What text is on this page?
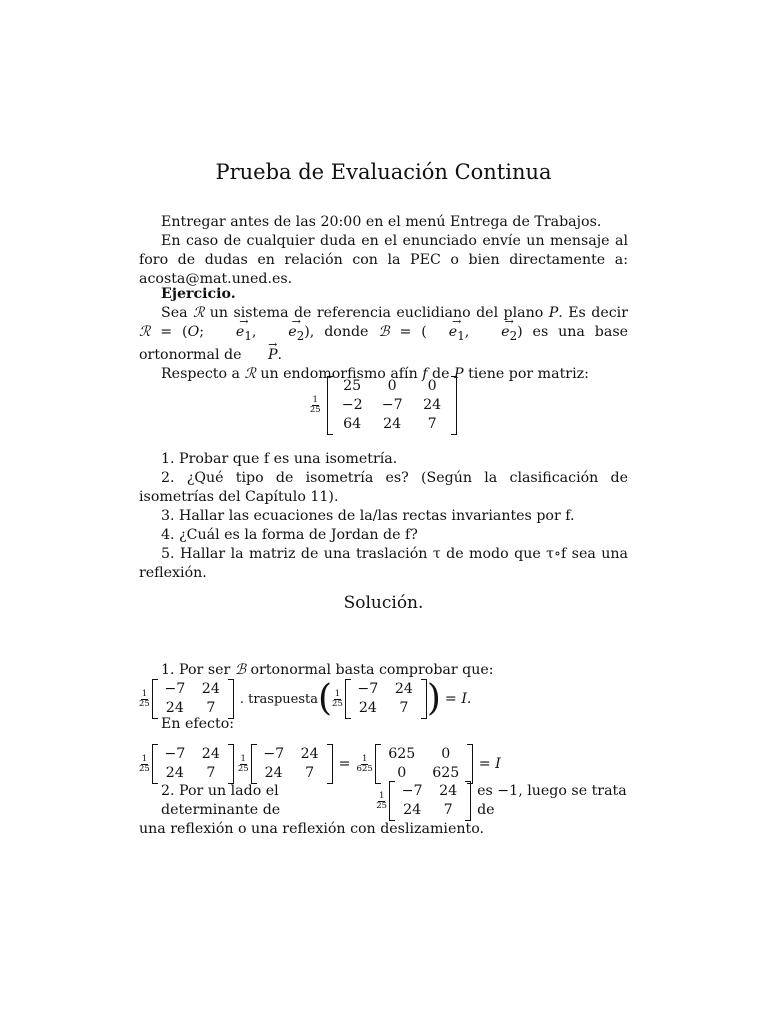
Prueba de Evaluación Continua

Entregar antes de las 20:00 en el menú Entrega de Trabajos.

En caso de cualquier duda en el enunciado envíe un mensaje al foro de dudas en relación con la PEC o bien directamente a: acosta@mat.uned.es.

Ejercicio.

Sea ℛ un sistema de referencia euclidiano del plano P. Es decir ℛ = (O; → $e_1$, → $e_2$), donde ℬ = ( → $e_1$, → $e_2$) es una base ortonormal de → P.

Respecto a ℛ un endomorfismo afín f de P tiene por matriz:

$\frac{1}{25}$

25	0	0
−2 −7 24
64 24	7

1. Probar que f es una isometría.

2. ¿Qué tipo de isometría es? (Según la clasificación de isometrías del Capítulo 11).

3. Hallar las ecuaciones de la/las rectas invariantes por f.

4. ¿Cuál es la forma de Jordan de f?

5. Hallar la matriz de una traslación τ de modo que τ∘f sea una reflexión.

Solución.

1. Por ser ℬ ortonormal basta comprobar que:

$\frac{1}{25}$
−7 24
24	7
. traspuesta ( $\frac{1}{25}$
−7 24
24	7 ) = I.

En efecto:

$\frac{1}{25}$
−7 24
24	7	$\frac{1}{25}$
−7 24
24	7
= $\frac{1}{625}$
625	0
0	625
= I
2. Por un lado el determinante de	$\frac{1}{25}$
−7 24
24	7
es −1, luego se trata de

una reflexión o una reflexión con deslizamiento.
